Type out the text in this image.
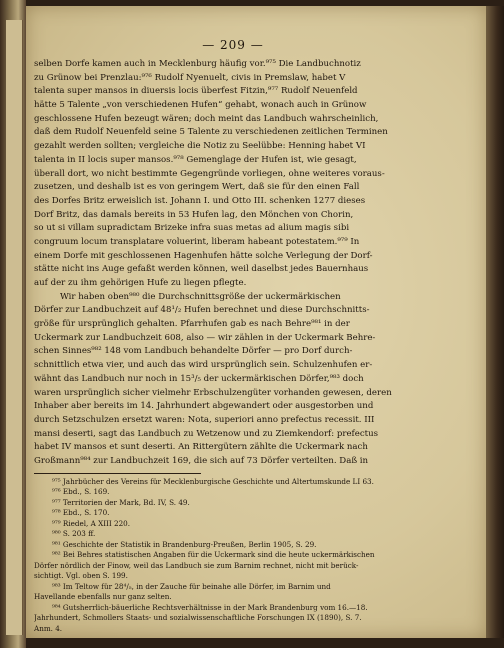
— 209 —
selben Dorfe kamen auch in Mecklenburg häufig vor.⁹⁷⁵ Die Landbuchnotiz
zu Grünow bei Prenzlau:⁹⁷⁶ Rudolf Nyenuelt, civis in Premslaw, habet V
talenta super mansos in diuersis locis überfest Fitzin,⁹⁷⁷ Rudolf Neuenfeld
hätte 5 Talente „von verschiedenen Hufen“ gehabt, wonach auch in Grünow
geschlossene Hufen bezeugt wären; doch meint das Landbuch wahrscheinlich,
daß dem Rudolf Neuenfeld seine 5 Talente zu verschiedenen zeitlichen Terminen
gezahlt werden sollten; vergleiche die Notiz zu Seelübbe: Henning habet VI
talenta in II locis super mansos.⁹⁷⁸ Gemenglage der Hufen ist, wie gesagt,
überall dort, wo nicht bestimmte Gegengründe vorliegen, ohne weiteres voraus-
zusetzen, und deshalb ist es von geringem Wert, daß sie für den einen Fall
des Dorfes Britz erweislich ist. Johann I. und Otto III. schenken 1277 dieses
Dorf Britz, das damals bereits in 53 Hufen lag, den Mönchen von Chorin,
so ut si villam supradictam Brizeke infra suas metas ad alium magis sibi
congruum locum transplatare voluerint, liberam habeant potestatem.⁹⁷⁹ In
einem Dorfe mit geschlossenen Hagenhufen hätte solche Verlegung der Dorf-
stätte nicht ins Auge gefaßt werden können, weil daselbst jedes Bauernhaus
auf der zu ihm gehörigen Hufe zu liegen pflegte.
Wir haben oben⁹⁸⁰ die Durchschnittsgröße der uckermärkischen
Dörfer zur Landbuchzeit auf 48¹/₂ Hufen berechnet und diese Durchschnitts-
größe für ursprünglich gehalten. Pfarrhufen gab es nach Behre⁹⁸¹ in der
Uckermark zur Landbuchzeit 608, also — wir zählen in der Uckermark Behre-
schen Sinnes⁹⁸² 148 vom Landbuch behandelte Dörfer — pro Dorf durch-
schnittlich etwa vier, und auch das wird ursprünglich sein. Schulzenhufen er-
wähnt das Landbuch nur noch in 15³/₅ der uckermärkischen Dörfer,⁹⁸³ doch
waren ursprünglich sicher vielmehr Erbschulzengüter vorhanden gewesen, deren
Inhaber aber bereits im 14. Jahrhundert abgewandert oder ausgestorben und
durch Setzschulzen ersetzt waren: Nota, superiori anno prefectus recessit. III
mansi deserti, sagt das Landbuch zu Wetzenow und zu Ziemkendorf: prefectus
habet IV mansos et sunt deserti. An Rittergütern zählte die Uckermark nach
Großmann⁹⁸⁴ zur Landbuchzeit 169, die sich auf 73 Dörfer verteilten. Daß in
⁹⁷⁵ Jahrbücher des Vereins für Mecklenburgische Geschichte und Altertumskunde LI 63.
⁹⁷⁶ Ebd., S. 169.
⁹⁷⁷ Territorien der Mark, Bd. IV, S. 49.
⁹⁷⁸ Ebd., S. 170.
⁹⁷⁹ Riedel, A XIII 220.
⁹⁸⁰ S. 203 ff.
⁹⁸¹ Geschichte der Statistik in Brandenburg-Preußen, Berlin 1905, S. 29.
⁹⁸² Bei Behres statistischen Angaben für die Uckermark sind die heute uckermärkischen
Dörfer nördlich der Finow, weil das Landbuch sie zum Barnim rechnet, nicht mit berück-
sichtigt. Vgl. oben S. 199.
⁹⁸³ Im Teltow für 28⁴/₅, in der Zauche für beinahe alle Dörfer, im Barnim und
Havellande ebenfalls nur ganz selten.
⁹⁸⁴ Gutsherrlich-bäuerliche Rechtsverhältnisse in der Mark Brandenburg vom 16.—18.
Jahrhundert, Schmollers Staats- und sozialwissenschaftliche Forschungen IX (1890), S. 7.
Anm. 4.
